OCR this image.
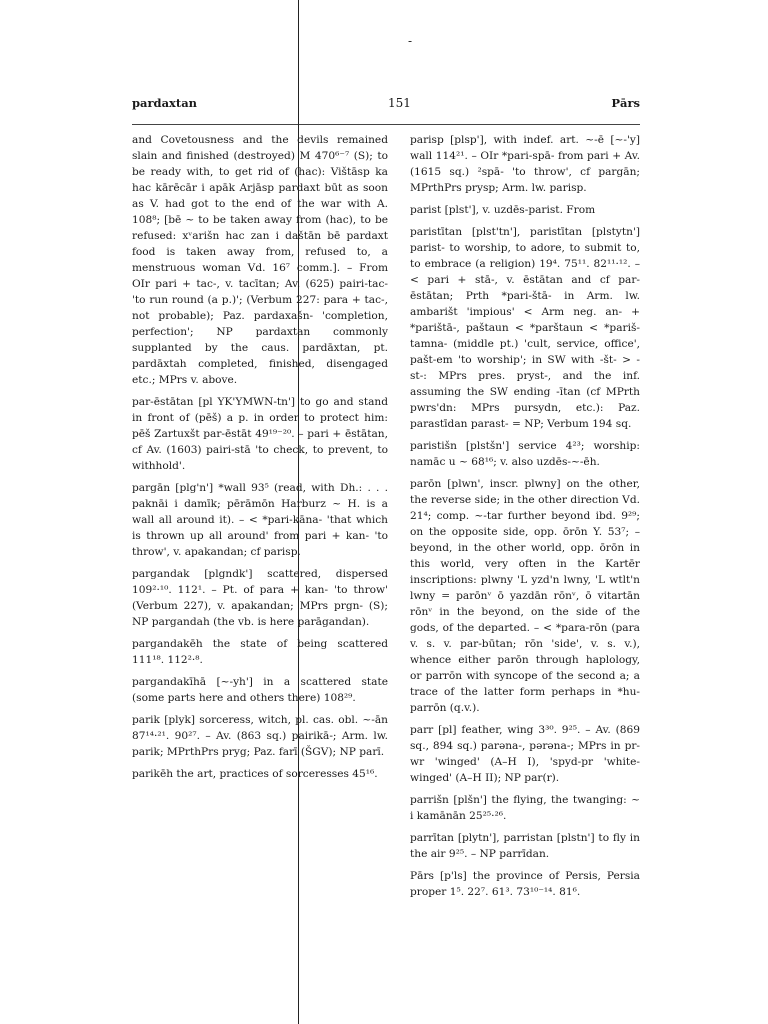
-
pardaxtan	151	Pārs

and Covetousness and the devils remained slain and finished (destroyed) M 470⁶⁻⁷ (S); to be ready with, to get rid of (hac): Vištāsp ka hac kārēcār i apāk Arjāsp pardaxt būt as soon as V. had got to the end of the war with A. 108⁸; [bē ~ to be taken away from (hac), to be refused: xᵛarišn hac zan i daštān bē pardaxt food is taken away from, refused to, a menstruous woman Vd. 16⁷ comm.]. – From OIr pari + tac-, v. tacītan; Av. (625) pairi-tac- 'to run round (a p.)'; (Verbum 227: para + tac-, not probable); Paz. pardaxašn- 'completion, perfection'; NP pardaxtan commonly supplanted by the caus. pardāxtan, pt. pardāxtah completed, finished, disengaged etc.; MPrs v. above.

par-ēstātan [pl YK'YMWN-tn'] to go and stand in front of (pēš) a p. in order to protect him: pēš Zartuxšt par-ēstāt 49¹⁹⁻²⁰. – pari + ēstātan, cf Av. (1603) pairi-stā 'to check, to prevent, to withhold'.

pargān [plg'n'] *wall 93⁵ (read, with Dh.: . . . paknāi i damīk; pērāmōn Harburz ~ H. is a wall all around it). – < *pari-kāna- 'that which is thrown up all around' from pari + kan- 'to throw', v. apakandan; cf parisp.

pargandak [plgndk'] scattered, dispersed 109²·¹⁰. 112¹. – Pt. of para + kan- 'to throw' (Verbum 227), v. apakandan; MPrs prgn- (S); NP pargandah (the vb. is here parāgandan).

pargandakēh the state of being scattered 111¹⁸. 112²·⁸.

pargandakīhā [~-yh'] in a scattered state (some parts here and others there) 108²⁹.

parik [plyk] sorceress, witch, pl. cas. obl. ~-ān 87¹⁴·²¹. 90²⁷. – Av. (863 sq.) pairikā-; Arm. lw. parik; MPrthPrs pryg; Paz. farī (ŠGV); NP parī.

parikēh the art, practices of sorceresses 45¹⁶.

parisp [plsp'], with indef. art. ~-ē [~-'y] wall 114²¹. – OIr *pari-spā- from pari + Av. (1615 sq.) ²spā- 'to throw', cf pargān; MPrthPrs prysp; Arm. lw. parisp.

parist [plst'], v. uzdēs-parist. From

paristītan [plst'tn'], paristītan [plstytn'] parist- to worship, to adore, to submit to, to embrace (a religion) 19⁴. 75¹¹. 82¹¹·¹². – < pari + stā-, v. ēstātan and cf par-ēstātan; Prth *pari-štā- in Arm. lw. ambarišt 'impious' < Arm neg. an- + *parištā-, paštaun < *parštaun < *pariš-tamna- (middle pt.) 'cult, service, office', pašt-em 'to worship'; in SW with -št- > -st-: MPrs pres. pryst-, and the inf. assuming the SW ending -ītan (cf MPrth pwrs'dn: MPrs pursydn, etc.): Paz. parastīdan parast- = NP; Verbum 194 sq.

paristišn [plstšn'] service 4²³; worship: namāc u ~ 68¹⁶; v. also uzdēs-~-ēh.

parōn [plwn', inscr. plwny] on the other, the reverse side; in the other direction Vd. 21⁴; comp. ~-tar further beyond ibd. 9²⁹; on the opposite side, opp. ōrōn Y. 53⁷; – beyond, in the other world, opp. ōrōn in this world, very often in the Kartēr inscriptions: plwny 'L yzd'n lwny, 'L wtlt'n lwny = parōnᵛ ō yazdān rōnᵛ, ō vitartān rōnᵛ in the beyond, on the side of the gods, of the departed. – < *para-rōn (para v. s. v. par-būtan; rōn 'side', v. s. v.), whence either parōn through haplology, or parrōn with syncope of the second a; a trace of the latter form perhaps in *hu-parrōn (q.v.).

parr [pl] feather, wing 3³⁰. 9²⁵. – Av. (869 sq., 894 sq.) parəna-, pərəna-; MPrs in pr-wr 'winged' (A–H I), 'spyd-pr 'white-winged' (A–H II); NP par(r).

parrišn [plšn'] the flying, the twanging: ~ i kamānān 25²⁵·²⁶.

parrītan [plytn'], parristan [plstn'] to fly in the air 9²⁵. – NP parrīdan.

Pārs [p'ls] the province of Persis, Persia proper 1⁵. 22⁷. 61³. 73¹⁰⁻¹⁴. 81⁶.
